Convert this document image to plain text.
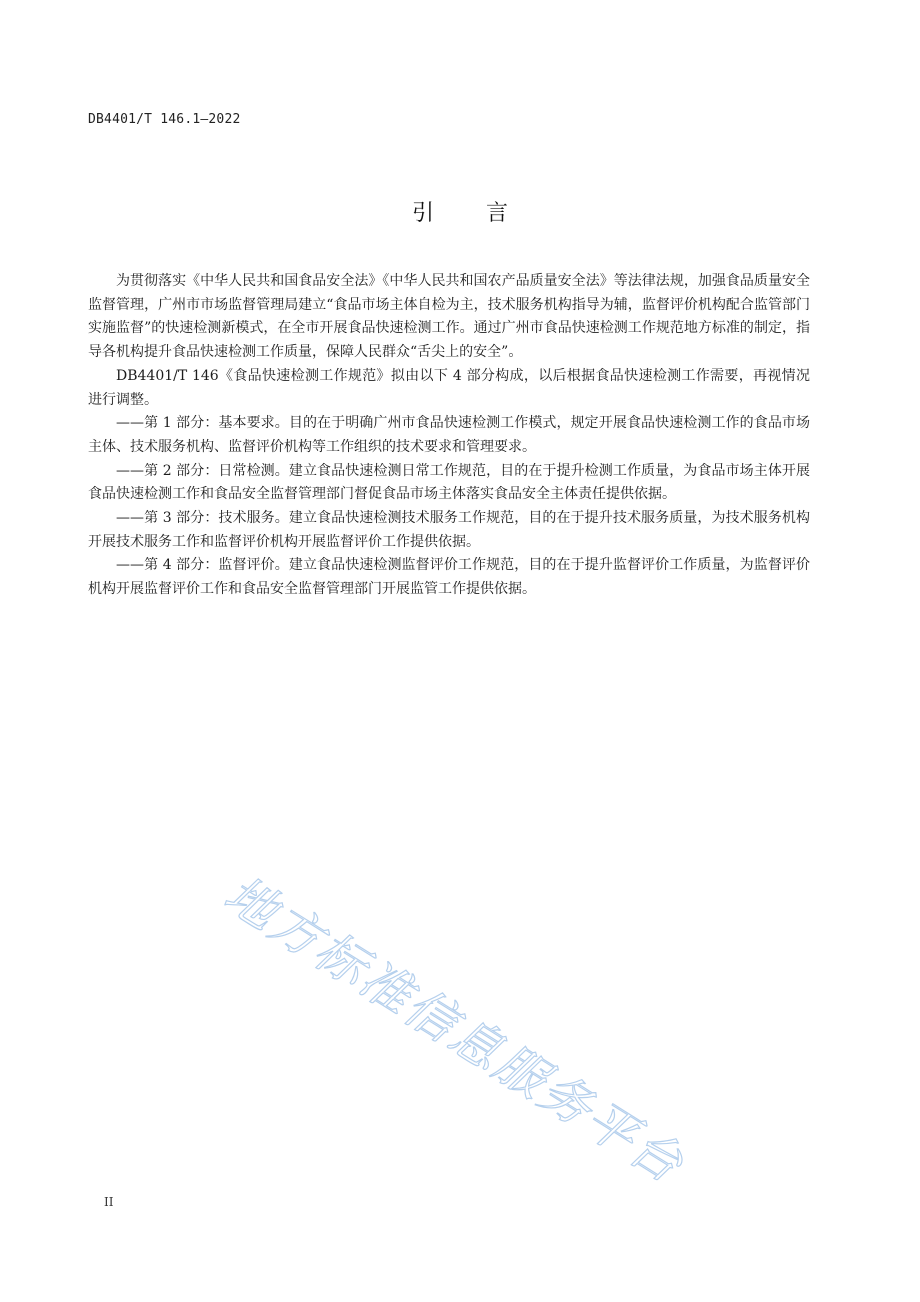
DB4401/T 146.1—2022
引 言

为贯彻落实《中华人民共和国食品安全法》《中华人民共和国农产品质量安全法》等法律法规，加强食品质量安全监督管理，广州市市场监督管理局建立“食品市场主体自检为主，技术服务机构指导为辅，监督评价机构配合监管部门实施监督”的快速检测新模式，在全市开展食品快速检测工作。通过广州市食品快速检测工作规范地方标准的制定，指导各机构提升食品快速检测工作质量，保障人民群众“舌尖上的安全”。

DB4401/T 146《食品快速检测工作规范》拟由以下 4 部分构成，以后根据食品快速检测工作需要，再视情况进行调整。

——第 1 部分：基本要求。目的在于明确广州市食品快速检测工作模式，规定开展食品快速检测工作的食品市场主体、技术服务机构、监督评价机构等工作组织的技术要求和管理要求。

——第 2 部分：日常检测。建立食品快速检测日常工作规范，目的在于提升检测工作质量，为食品市场主体开展食品快速检测工作和食品安全监督管理部门督促食品市场主体落实食品安全主体责任提供依据。

——第 3 部分：技术服务。建立食品快速检测技术服务工作规范，目的在于提升技术服务质量，为技术服务机构开展技术服务工作和监督评价机构开展监督评价工作提供依据。

——第 4 部分：监督评价。建立食品快速检测监督评价工作规范，目的在于提升监督评价工作质量，为监督评价机构开展监督评价工作和食品安全监督管理部门开展监管工作提供依据。

地方标准信息服务平台
II
